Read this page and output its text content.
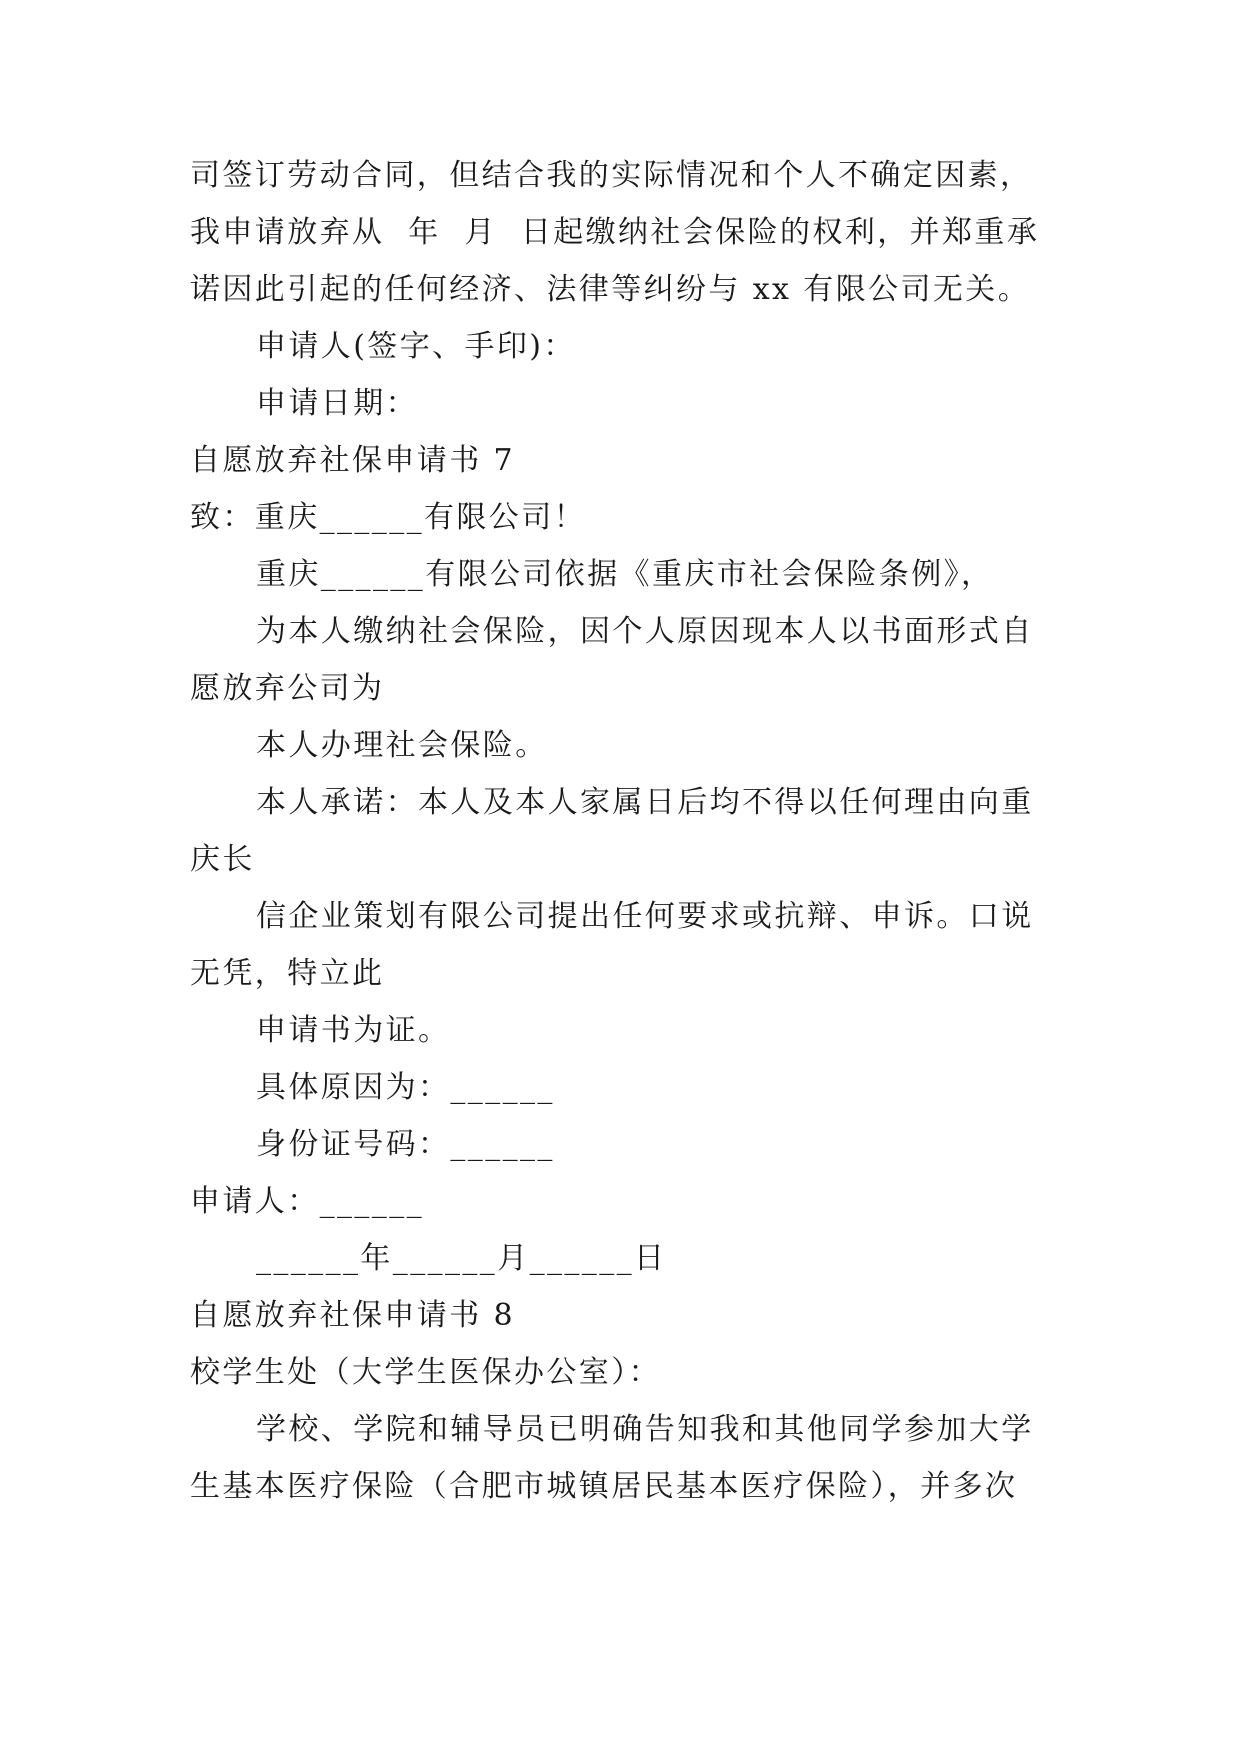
司签订劳动合同，但结合我的实际情况和个人不确定因素，
我申请放弃从  年  月  日起缴纳社会保险的权利，并郑重承
诺因此引起的任何经济、法律等纠纷与 xx 有限公司无关。
申请人(签字、手印)：
申请日期：
自愿放弃社保申请书 7
致：重庆______有限公司！
重庆______有限公司依据《重庆市社会保险条例》，
为本人缴纳社会保险，因个人原因现本人以书面形式自
愿放弃公司为
本人办理社会保险。
本人承诺：本人及本人家属日后均不得以任何理由向重
庆长
信企业策划有限公司提出任何要求或抗辩、申诉。口说
无凭，特立此
申请书为证。
具体原因为：______
身份证号码：______
申请人：______
______年______月______日
自愿放弃社保申请书 8
校学生处（大学生医保办公室）：
学校、学院和辅导员已明确告知我和其他同学参加大学
生基本医疗保险（合肥市城镇居民基本医疗保险），并多次
